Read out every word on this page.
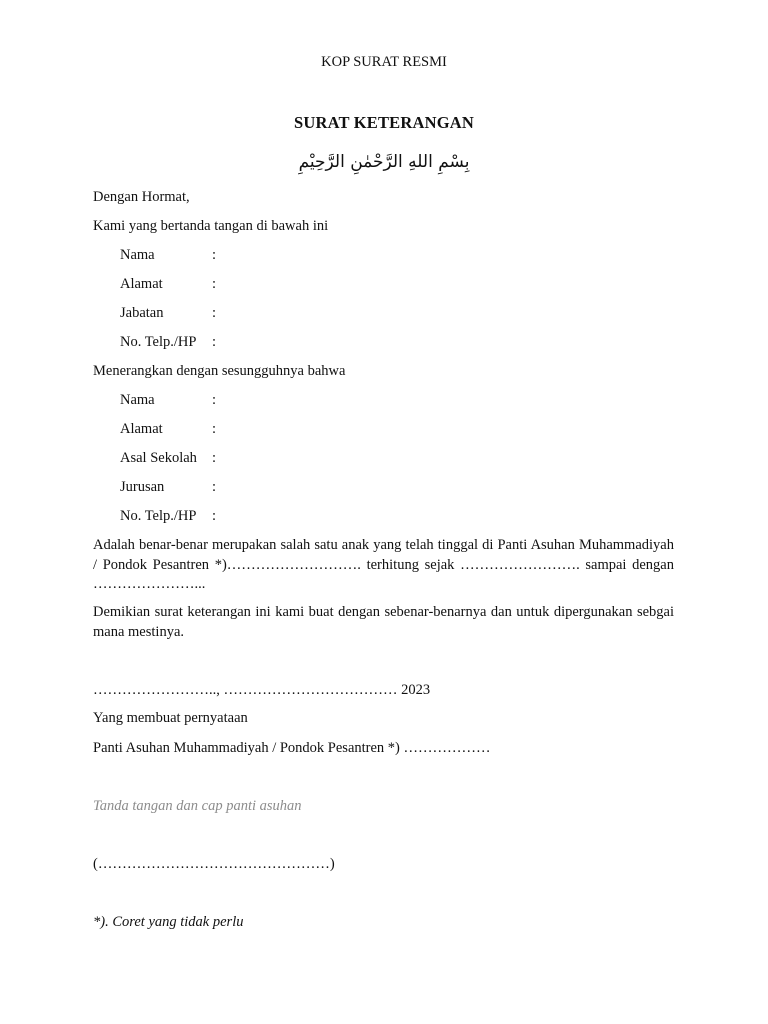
KOP SURAT RESMI
SURAT KETERANGAN
بِسْمِ اللهِ الرَّحْمٰنِ الرَّحِيْمِ
Dengan Hormat,
Kami yang bertanda tangan di bawah ini
Nama	:
Alamat	:
Jabatan	:
No. Telp./HP :
Menerangkan dengan sesungguhnya bahwa
Nama	:
Alamat	:
Asal Sekolah :
Jurusan	:
No. Telp./HP :
Adalah benar-benar merupakan salah satu anak yang telah tinggal di Panti Asuhan Muhammadiyah / Pondok Pesantren *)………………………. terhitung sejak ……………………. sampai dengan …………………...
Demikian surat keterangan ini kami buat dengan sebenar-benarnya dan untuk dipergunakan sebgai mana mestinya.
…………………….., ……………………………… 2023
Yang membuat pernyataan
Panti Asuhan Muhammadiyah / Pondok Pesantren *) ………………
Tanda tangan dan cap panti asuhan
(…………………………………………)
*). Coret yang tidak perlu
